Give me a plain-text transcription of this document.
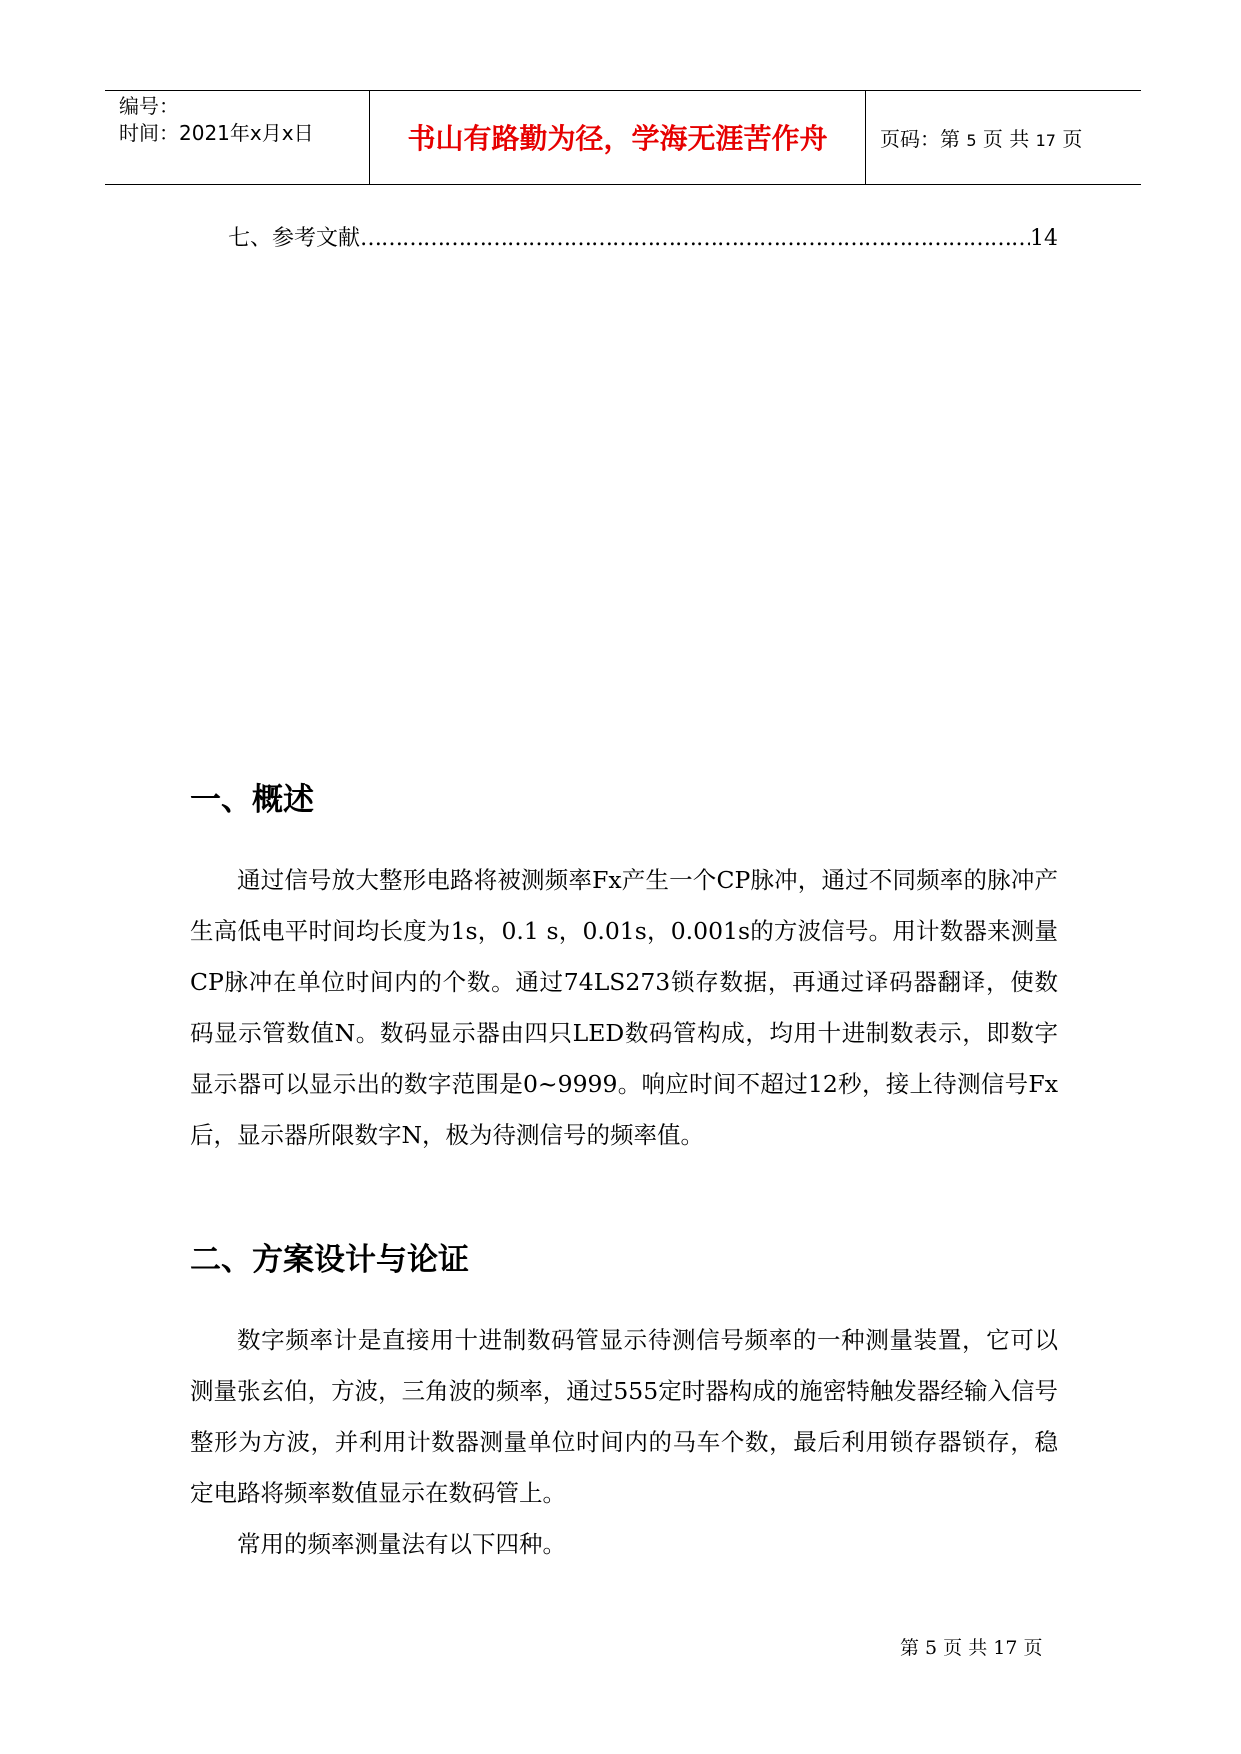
编号：
时间：2021年x月x日	书山有路勤为径，学海无涯苦作舟	页码：第 5 页 共 17 页
七、参考文献
……………………………………………………………………………………………………………………………………	14
一、概述

通过信号放大整形电路将被测频率Fx产生一个CP脉冲，通过不同频率的脉冲产生高低电平时间均长度为1s，0.1 s，0.01s，0.001s的方波信号。用计数器来测量CP脉冲在单位时间内的个数。通过74LS273锁存数据，再通过译码器翻译，使数码显示管数值N。数码显示器由四只LED数码管构成，均用十进制数表示，即数字显示器可以显示出的数字范围是0~9999。响应时间不超过12秒，接上待测信号Fx后，显示器所限数字N，极为待测信号的频率值。

二、方案设计与论证

数字频率计是直接用十进制数码管显示待测信号频率的一种测量装置，它可以测量张玄伯，方波，三角波的频率，通过555定时器构成的施密特触发器经输入信号整形为方波，并利用计数器测量单位时间内的马车个数，最后利用锁存器锁存，稳定电路将频率数值显示在数码管上。

常用的频率测量法有以下四种。

第 5 页 共 17 页
